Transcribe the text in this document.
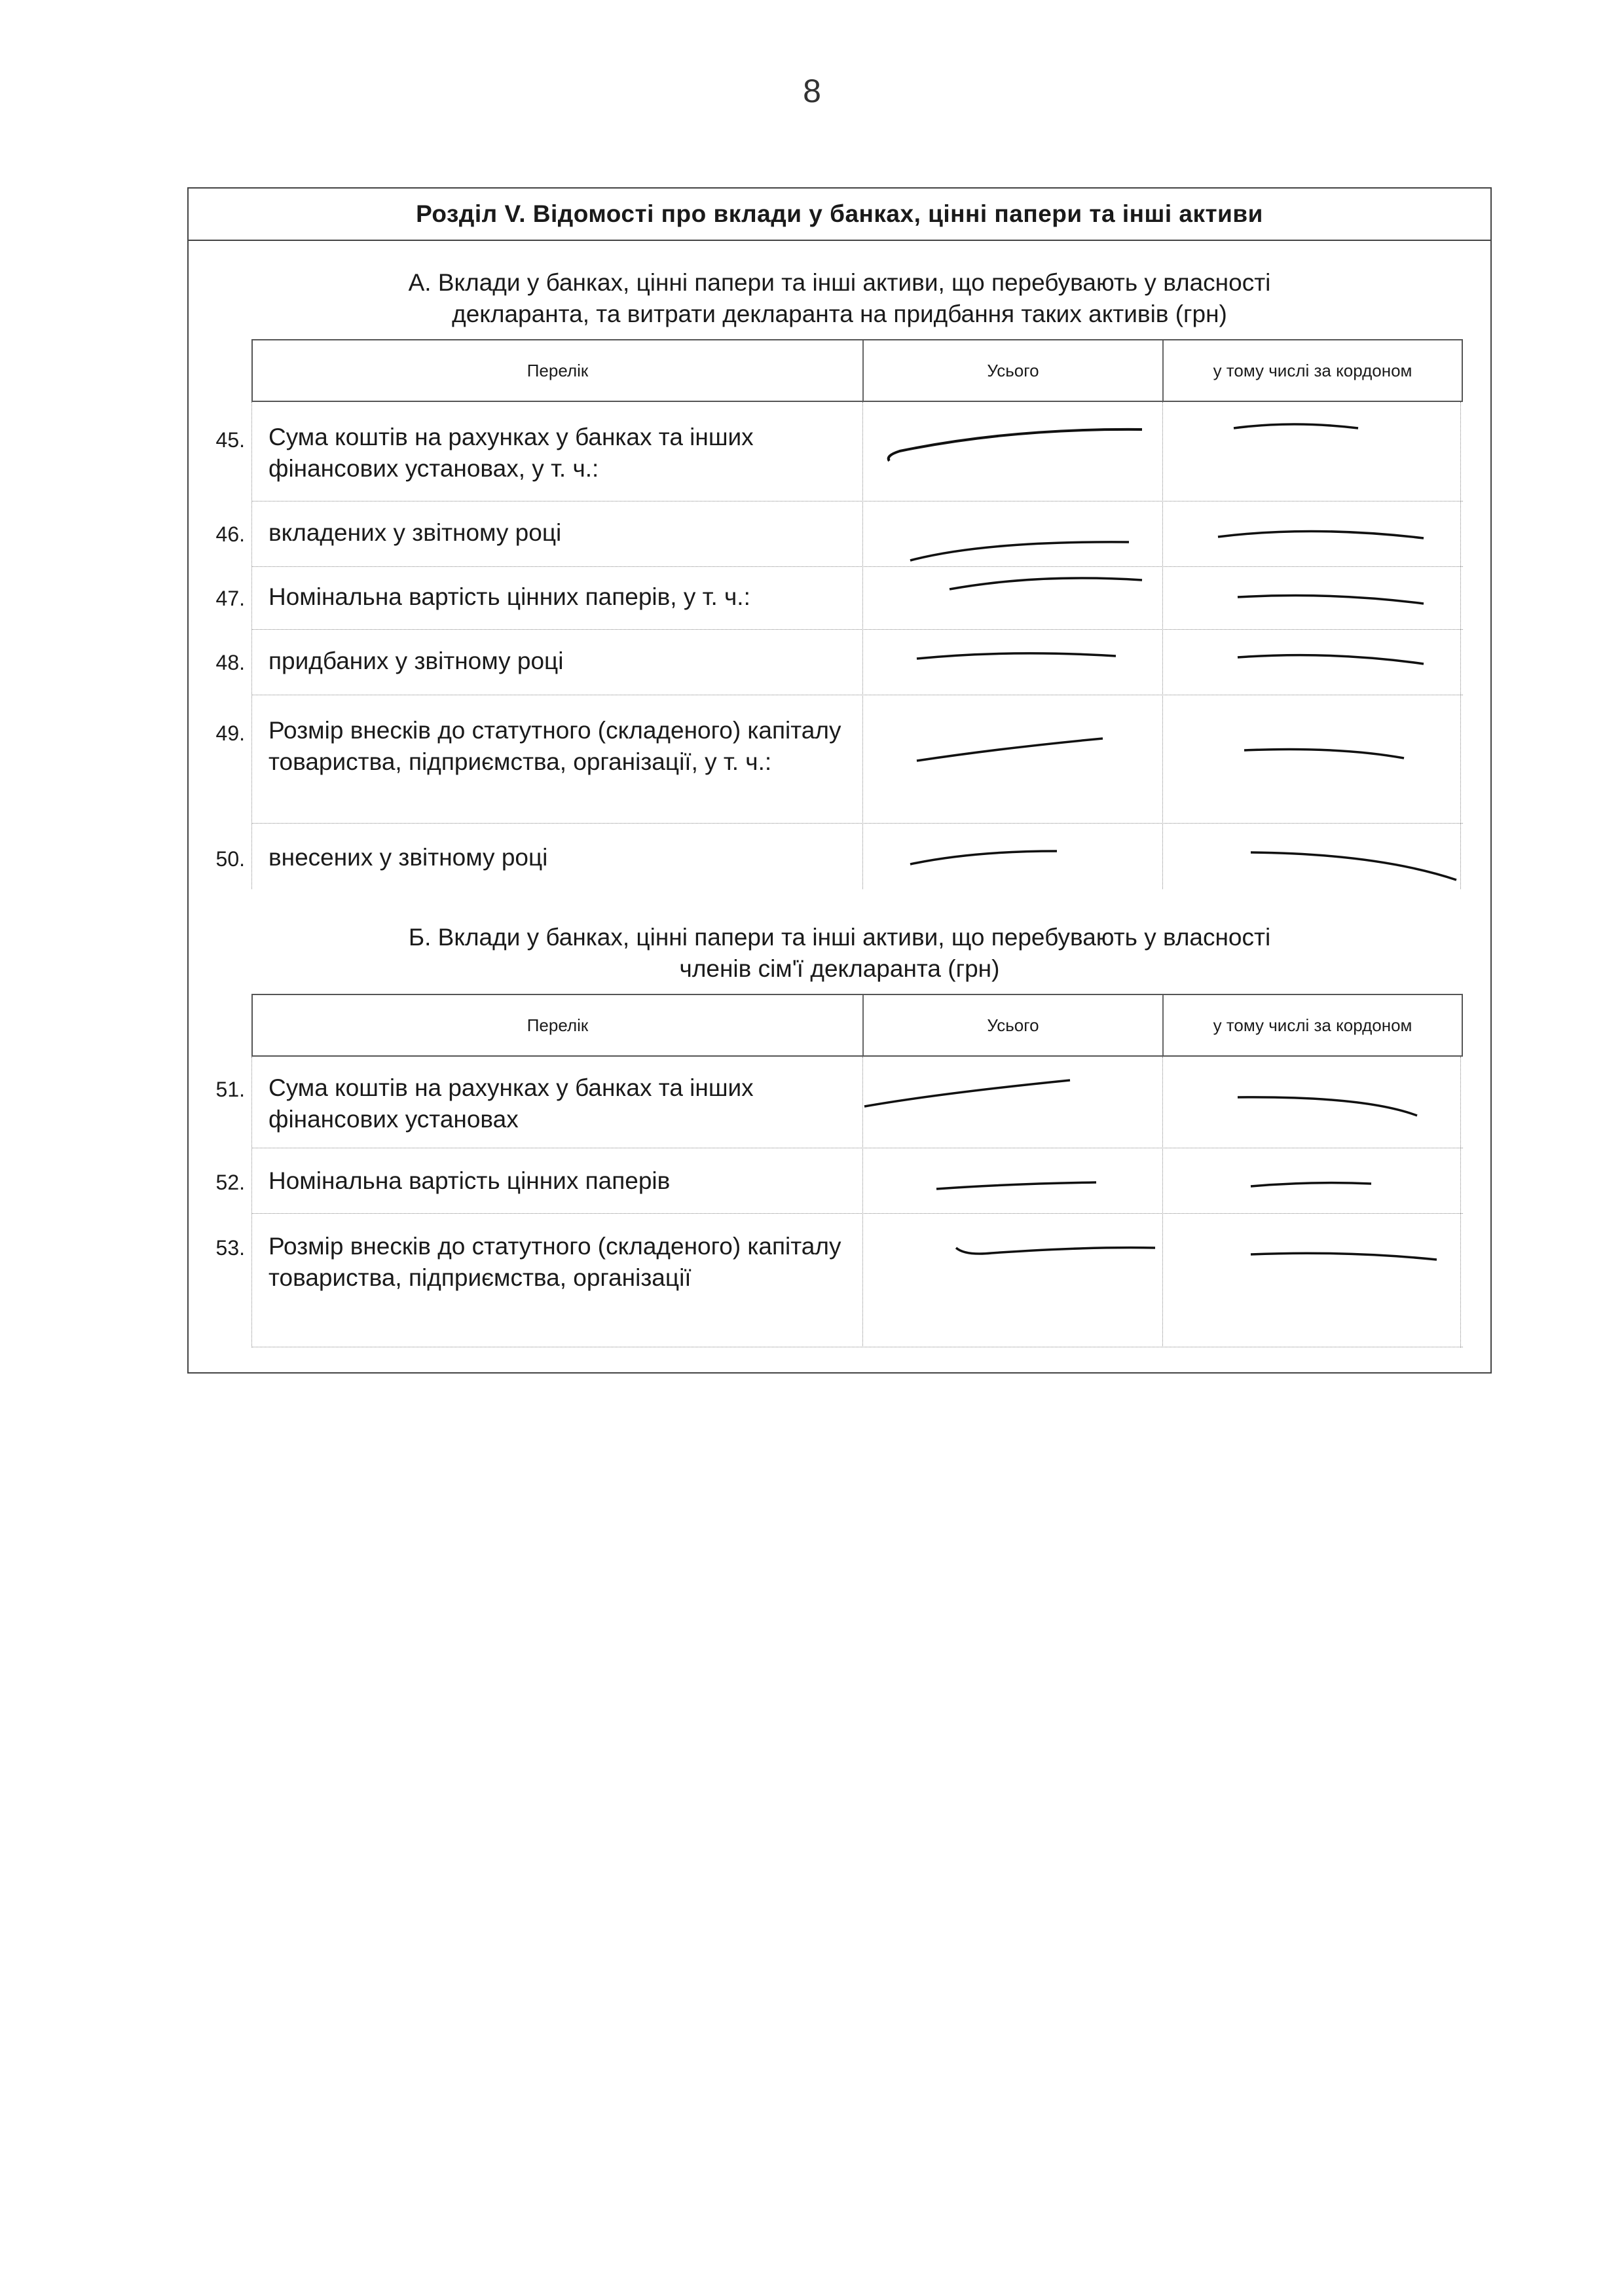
8
Розділ V. Відомості про вклади у банках, цінні папери та інші активи
А. Вклади у банках, цінні папери та інші активи, що перебувають у власності
декларанта, та витрати декларанта на придбання таких активів (грн)
Перелік	Усього	у тому числі за кордоном
45. Сума коштів на рахунках у банках та інших фінансових установах, у т. ч.:
46. вкладених у звітному році
47. Номінальна вартість цінних паперів, у т. ч.:
48. придбаних у звітному році
49. Розмір внесків до статутного (складеного) капіталу товариства, підприємства, організації, у т. ч.:
50. внесених у звітному році
Б. Вклади у банках, цінні папери та інші активи, що перебувають у власності
членів сім'ї декларанта (грн)
Перелік	Усього	у тому числі за кордоном
51. Сума коштів на рахунках у банках та інших фінансових установах
52. Номінальна вартість цінних паперів
53. Розмір внесків до статутного (складеного) капіталу товариства, підприємства, організації
